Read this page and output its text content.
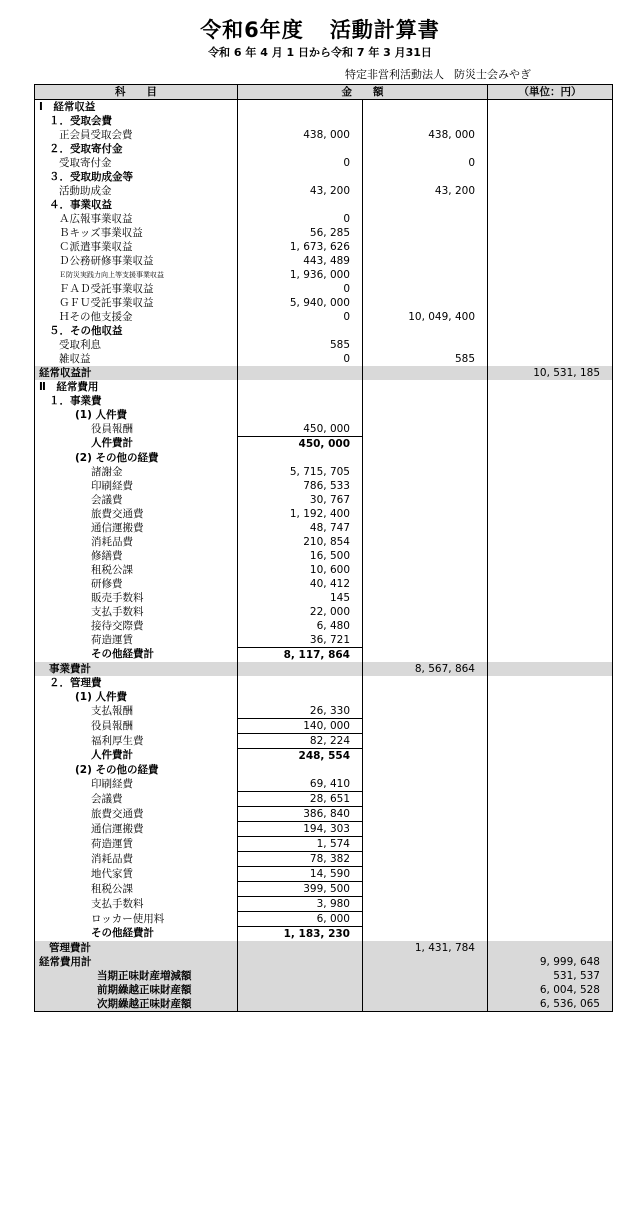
令和6年度 活動計算書
令和 6 年 4 月 1 日から令和 7 年 3 月31日
特定非営利活動法人 防災士会みやぎ
科　　目	金　　額		（単位：円）
Ⅰ　経常収益			
１．受取会費			
正会員受取会費	438, 000	438, 000	
２．受取寄付金			
受取寄付金	0	0	
３．受取助成金等			
活動助成金	43, 200	43, 200	
４．事業収益			
Ａ広報事業収益	0		
Ｂキッズ事業収益	56, 285		
Ｃ派遣事業収益	1, 673, 626		
Ｄ公務研修事業収益	443, 489		
Ｅ防災実践力向上等支援事業収益	1, 936, 000		
ＦＡＤ受託事業収益	0		
ＧＦＵ受託事業収益	5, 940, 000		
Ｈその他支援金	0	10, 049, 400	
５．その他収益			
受取利息	585		
雑収益	0	585	
経常収益計			10, 531, 185
Ⅱ　経常費用			
１．事業費			
(1) 人件費			
役員報酬	450, 000		
人件費計	450, 000		
(2) その他の経費			
諸謝金	5, 715, 705		
印刷経費	786, 533		
会議費	30, 767		
旅費交通費	1, 192, 400		
通信運搬費	48, 747		
消耗品費	210, 854		
修繕費	16, 500		
租税公課	10, 600		
研修費	40, 412		
販売手数料	145		
支払手数料	22, 000		
接待交際費	6, 480		
荷造運賃	36, 721		
その他経費計	8, 117, 864		
事業費計		8, 567, 864	
２．管理費			
(1) 人件費			
支払報酬	26, 330		
役員報酬	140, 000		
福利厚生費	82, 224		
人件費計	248, 554		
(2) その他の経費			
印刷経費	69, 410		
会議費	28, 651		
旅費交通費	386, 840		
通信運搬費	194, 303		
荷造運賃	1, 574		
消耗品費	78, 382		
地代家賃	14, 590		
租税公課	399, 500		
支払手数料	3, 980		
ロッカー使用料	6, 000		
その他経費計	1, 183, 230		
管理費計		1, 431, 784	
経常費用計			9, 999, 648
当期正味財産増減額			531, 537
前期繰越正味財産額			6, 004, 528
次期繰越正味財産額			6, 536, 065
